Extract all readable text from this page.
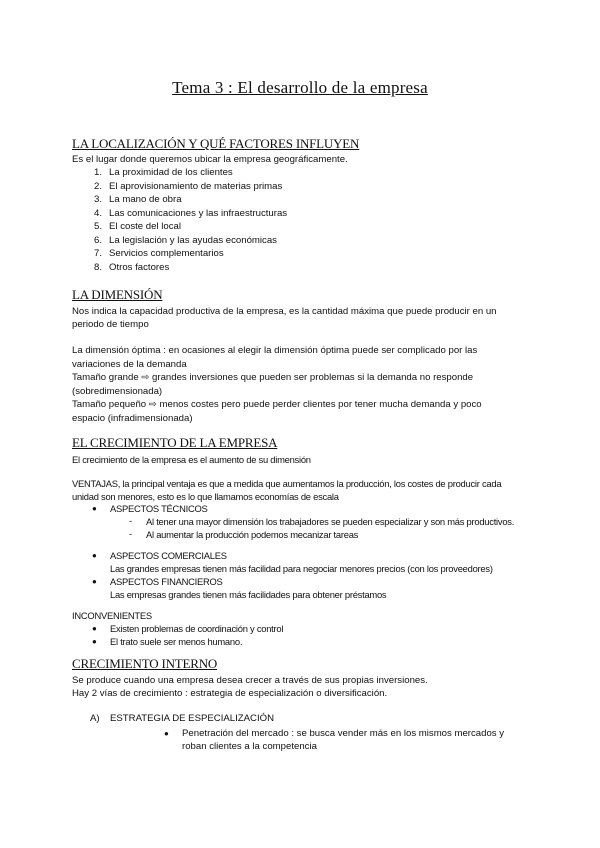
Tema 3 : El desarrollo de la empresa
LA LOCALIZACIÓN Y QUÉ FACTORES INFLUYEN
Es el lugar donde queremos ubicar la empresa geográficamente.
1. La proximidad de los clientes
2. El aprovisionamiento de materias primas
3. La mano de obra
4. Las comunicaciones y las infraestructuras
5. El coste del local
6. La legislación y las ayudas económicas
7. Servicios complementarios
8. Otros factores
LA DIMENSIÓN
Nos indica la capacidad productiva de la empresa, es la cantidad máxima que puede producir en un
periodo de tiempo
La dimensión óptima : en ocasiones al elegir la dimensión óptima puede ser complicado por las
variaciones de la demanda
Tamaño grande ⇨ grandes inversiones que pueden ser problemas si la demanda no responde
(sobredimensionada)
Tamaño pequeño ⇨ menos costes pero puede perder clientes por tener mucha demanda y poco
espacio (infradimensionada)
EL CRECIMIENTO DE LA EMPRESA
El crecimiento de la empresa es el aumento de su dimensión
VENTAJAS, la principal ventaja es que a medida que aumentamos la producción, los costes de producir cada
unidad son menores, esto es lo que llamamos economías de escala
● ASPECTOS TÉCNICOS
- Al tener una mayor dimensión los trabajadores se pueden especializar y son más productivos.
- Al aumentar la producción podemos mecanizar tareas
● ASPECTOS COMERCIALES
Las grandes empresas tienen más facilidad para negociar menores precios (con los proveedores)
● ASPECTOS FINANCIEROS
Las empresas grandes tienen más facilidades para obtener préstamos
INCONVENIENTES
● Existen problemas de coordinación y control
● El trato suele ser menos humano.
CRECIMIENTO INTERNO
Se produce cuando una empresa desea crecer a través de sus propias inversiones.
Hay 2 vías de crecimiento : estrategia de especialización o diversificación.
A) ESTRATEGIA DE ESPECIALIZACIÓN
● Penetración del mercado : se busca vender más en los mismos mercados y
roban clientes a la competencia
